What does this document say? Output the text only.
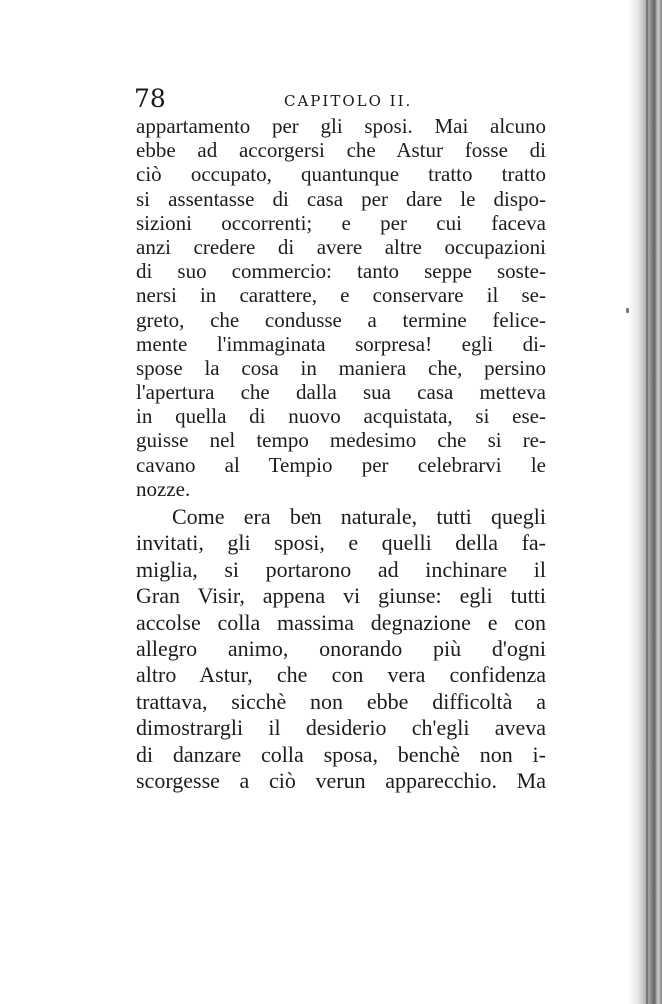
78	CAPITOLO II.
appartamento per gli sposi. Mai alcuno
ebbe ad accorgersi che Astur fosse di
ciò occupato, quantunque tratto tratto
si assentasse di casa per dare le dispo-
sizioni occorrenti; e per cui faceva
anzi credere di avere altre occupazioni
di suo commercio: tanto seppe soste-
nersi in carattere, e conservare il se-
greto, che condusse a termine felice-
mente l'immaginata sorpresa! egli di-
spose la cosa in maniera che, persino
l'apertura che dalla sua casa metteva
in quella di nuovo acquistata, si ese-
guisse nel tempo medesimo che si re-
cavano al Tempio per celebrarvi le
nozze.
Come era ben naturale, tutti quegli
invitati, gli sposi, e quelli della fa-
miglia, si portarono ad inchinare il
Gran Visir, appena vi giunse: egli tutti
accolse colla massima degnazione e con
allegro animo, onorando più d'ogni
altro Astur, che con vera confidenza
trattava, sicchè non ebbe difficoltà a
dimostrargli il desiderio ch'egli aveva
di danzare colla sposa, benchè non i-
scorgesse a ciò verun apparecchio. Ma
